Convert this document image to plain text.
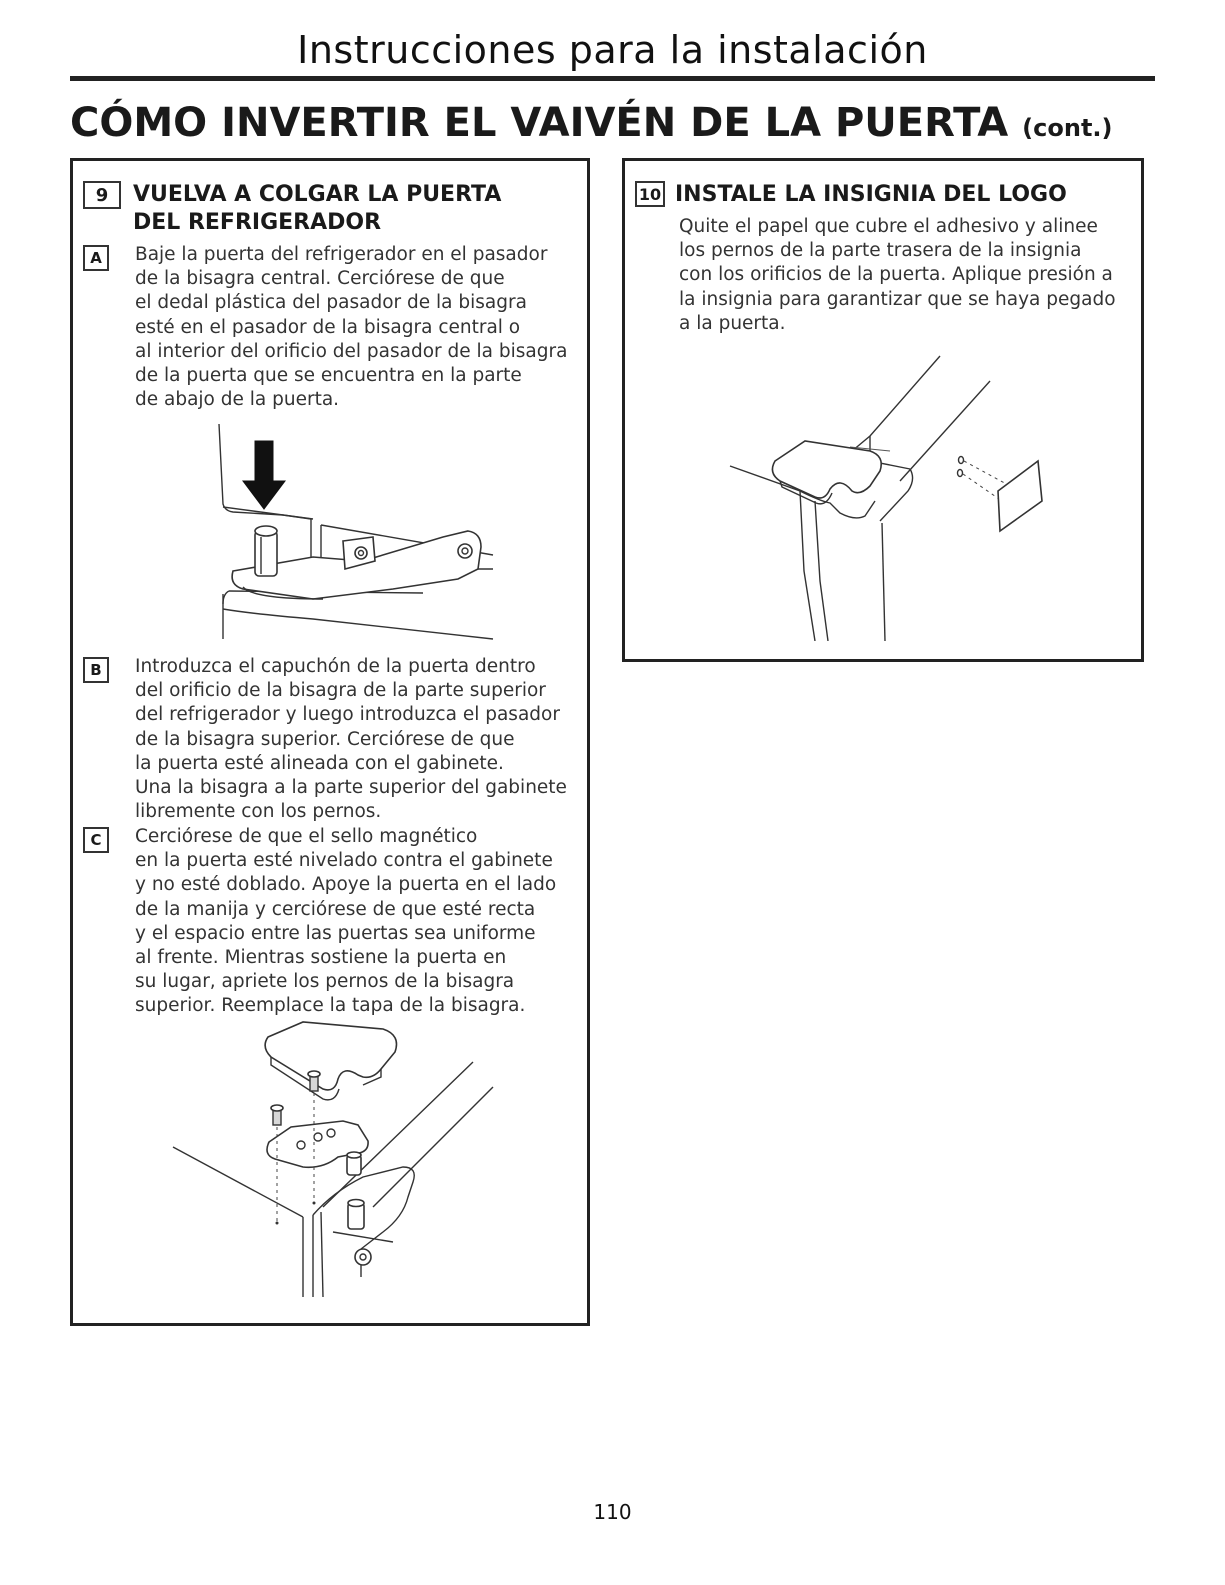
Instrucciones para la instalación
CÓMO INVERTIR EL VAIVÉN DE LA PUERTA (cont.)
9	VUELVA A COLGAR LA PUERTA
DEL REFRIGERADOR
A	Baje la puerta del refrigerador en el pasador
de la bisagra central. Cerciórese de que
el dedal plástica del pasador de la bisagra
esté en el pasador de la bisagra central o
al interior del orificio del pasador de la bisagra
de la puerta que se encuentra en la parte
de abajo de la puerta.

B	Introduzca el capuchón de la puerta dentro
del orificio de la bisagra de la parte superior
del refrigerador y luego introduzca el pasador
de la bisagra superior. Cerciórese de que
la puerta esté alineada con el gabinete.
Una la bisagra a la parte superior del gabinete
libremente con los pernos.

C	Cerciórese de que el sello magnético
en la puerta esté nivelado contra el gabinete
y no esté doblado. Apoye la puerta en el lado
de la manija y cerciórese de que esté recta
y el espacio entre las puertas sea uniforme
al frente. Mientras sostiene la puerta en
su lugar, apriete los pernos de la bisagra
superior. Reemplace la tapa de la bisagra.

10 INSTALE LA INSIGNIA DEL LOGO

Quite el papel que cubre el adhesivo y alinee
los pernos de la parte trasera de la insignia
con los orificios de la puerta. Aplique presión a
la insignia para garantizar que se haya pegado
a la puerta.

110
